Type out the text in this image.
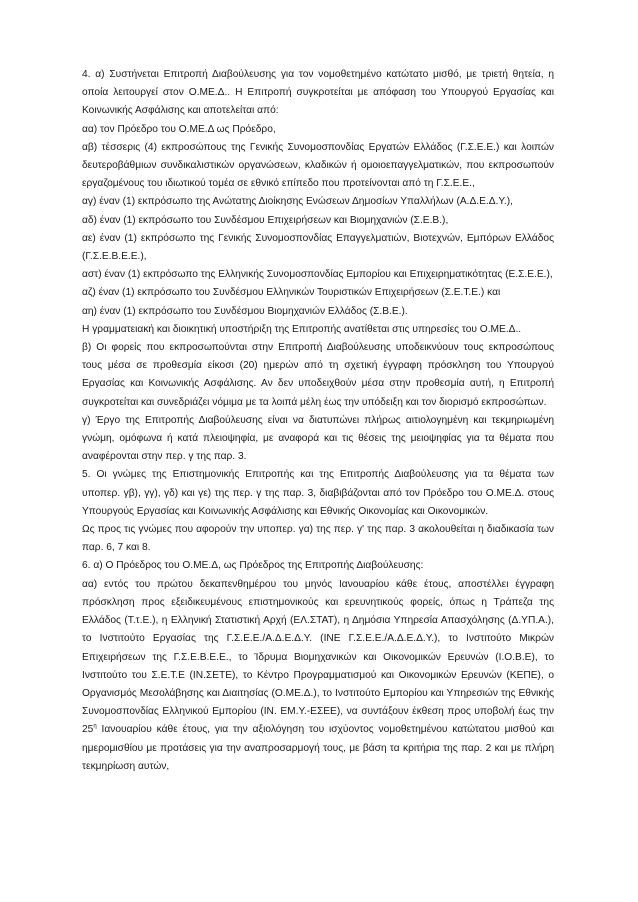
4. α) Συστήνεται Επιτροπή Διαβούλευσης για τον νομοθετημένο κατώτατο μισθό, με τριετή θητεία, η οποία λειτουργεί στον Ο.ΜΕ.Δ.. Η Επιτροπή συγκροτείται με απόφαση του Υπουργού Εργασίας και Κοινωνικής Ασφάλισης και αποτελείται από:

αα) τον Πρόεδρο του Ο.ΜΕ.Δ ως Πρόεδρο,

αβ) τέσσερις (4) εκπροσώπους της Γενικής Συνομοσπονδίας Εργατών Ελλάδος (Γ.Σ.Ε.Ε.) και λοιπών δευτεροβάθμιων συνδικαλιστικών οργανώσεων, κλαδικών ή ομοιοεπαγγελματικών, που εκπροσωπούν εργαζομένους του ιδιωτικού τομέα σε εθνικό επίπεδο που προτείνονται από τη Γ.Σ.Ε.Ε.,

αγ) έναν (1) εκπρόσωπο της Ανώτατης Διοίκησης Ενώσεων Δημοσίων Υπαλλήλων (Α.Δ.Ε.Δ.Υ.),

αδ) έναν (1) εκπρόσωπο του Συνδέσμου Επιχειρήσεων και Βιομηχανιών (Σ.Ε.Β.),

αε) έναν (1) εκπρόσωπο της Γενικής Συνομοσπονδίας Επαγγελματιών, Βιοτεχνών, Εμπόρων Ελλάδος (Γ.Σ.Ε.Β.Ε.Ε.),

αστ) έναν (1) εκπρόσωπο της Ελληνικής Συνομοσπονδίας Εμπορίου και Επιχειρηματικότητας (Ε.Σ.Ε.Ε.),

αζ) έναν (1) εκπρόσωπο του Συνδέσμου Ελληνικών Τουριστικών Επιχειρήσεων (Σ.Ε.Τ.Ε.) και

αη) έναν (1) εκπρόσωπο του Συνδέσμου Βιομηχανιών Ελλάδος (Σ.Β.Ε.).

Η γραμματειακή και διοικητική υποστήριξη της Επιτροπής ανατίθεται στις υπηρεσίες του Ο.ΜΕ.Δ..

β) Οι φορείς που εκπροσωπούνται στην Επιτροπή Διαβούλευσης υποδεικνύουν τους εκπροσώπους τους μέσα σε προθεσμία είκοσι (20) ημερών από τη σχετική έγγραφη πρόσκληση του Υπουργού Εργασίας και Κοινωνικής Ασφάλισης. Αν δεν υποδειχθούν μέσα στην προθεσμία αυτή, η Επιτροπή συγκροτείται και συνεδριάζει νόμιμα με τα λοιπά μέλη έως την υπόδειξη και τον διορισμό εκπροσώπων.

γ) Έργο της Επιτροπής Διαβούλευσης είναι να διατυπώνει πλήρως αιτιολογημένη και τεκμηριωμένη γνώμη, ομόφωνα ή κατά πλειοψηφία, με αναφορά και τις θέσεις της μειοψηφίας για τα θέματα που αναφέρονται στην περ. γ της παρ. 3.

5. Οι γνώμες της Επιστημονικής Επιτροπής και της Επιτροπής Διαβούλευσης για τα θέματα των υποπερ. γβ), γγ), γδ) και γε) της περ. γ της παρ. 3, διαβιβάζονται από τον Πρόεδρο του Ο.ΜΕ.Δ. στους Υπουργούς Εργασίας και Κοινωνικής Ασφάλισης και Εθνικής Οικονομίας και Οικονομικών.

Ως προς τις γνώμες που αφορούν την υποπερ. γα) της περ. γ' της παρ. 3 ακολουθείται η διαδικασία των παρ. 6, 7 και 8.

6. α) Ο Πρόεδρος του Ο.ΜΕ.Δ, ως Πρόεδρος της Επιτροπής Διαβούλευσης:

αα) εντός του πρώτου δεκαπενθημέρου του μηνός Ιανουαρίου κάθε έτους, αποστέλλει έγγραφη πρόσκληση προς εξειδικευμένους επιστημονικούς και ερευνητικούς φορείς, όπως η Τράπεζα της Ελλάδος (Τ.τ.Ε.), η Ελληνική Στατιστική Αρχή (ΕΛ.ΣΤΑΤ), η Δημόσια Υπηρεσία Απασχόλησης (Δ.ΥΠ.Α.), το Ινστιτούτο Εργασίας της Γ.Σ.Ε.Ε./Α.Δ.Ε.Δ.Υ. (ΙΝΕ Γ.Σ.Ε.Ε./Α.Δ.Ε.Δ.Υ.), το Ινστιτούτο Μικρών Επιχειρήσεων της Γ.Σ.Ε.Β.Ε.Ε., το Ίδρυμα Βιομηχανικών και Οικονομικών Ερευνών (Ι.Ο.Β.Ε), το Ινστιτούτο του Σ.Ε.Τ.Ε (ΙΝ.ΣΕΤΕ), το Κέντρο Προγραμματισμού και Οικονομικών Ερευνών (ΚΕΠΕ), ο Οργανισμός Μεσολάβησης και Διαιτησίας (Ο.ΜΕ.Δ.), το Ινστιτούτο Εμπορίου και Υπηρεσιών της Εθνικής Συνομοσπονδίας Ελληνικού Εμπορίου (ΙΝ. ΕΜ.Υ.-ΕΣΕΕ), να συντάξουν έκθεση προς υποβολή έως την $25^\eta$ Ιανουαρίου κάθε έτους, για την αξιολόγηση του ισχύοντος νομοθετημένου κατώτατου μισθού και ημερομισθίου με προτάσεις για την αναπροσαρμογή τους, με βάση τα κριτήρια της παρ. 2 και με πλήρη τεκμηρίωση αυτών,
